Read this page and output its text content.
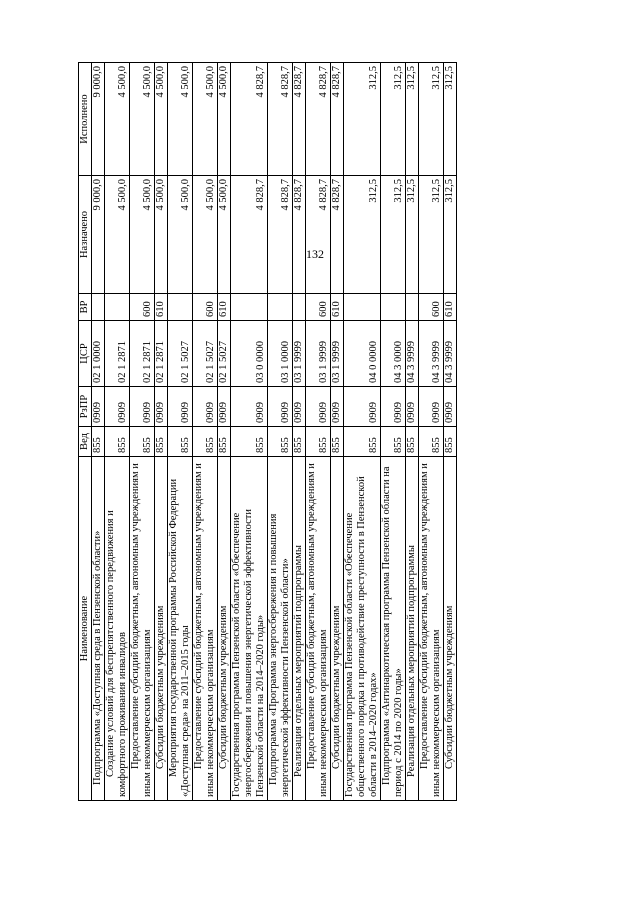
132
Наименование	Вед	РзПР	ЦСР	ВР	Назначено	Исполнено
Подпрограмма «Доступная среда в Пензенской области»	855	0909	02 1 0000		9 000,0	9 000,0
Создание условий для беспрепятственного передвижения и комфортного проживания инвалидов	855	0909	02 1 2871		4 500,0	4 500,0
Предоставление субсидий бюджетным, автономным учреждениям и иным некоммерческим организациям	855	0909	02 1 2871	600	4 500,0	4 500,0
Субсидии бюджетным учреждениям	855	0909	02 1 2871	610	4 500,0	4 500,0
Мероприятия государственной программы Российской Федерации «Доступная среда» на 2011–2015 годы	855	0909	02 1 5027		4 500,0	4 500,0
Предоставление субсидий бюджетным, автономным учреждениям и иным некоммерческим организациям	855	0909	02 1 5027	600	4 500,0	4 500,0
Субсидии бюджетным учреждениям	855	0909	02 1 5027	610	4 500,0	4 500,0
Государственная программа Пензенской области «Обеспечение энергосбережения и повышения энергетической эффективности Пензенской области на 2014–2020 годы»	855	0909	03 0 0000		4 828,7	4 828,7
Подпрограмма «Программа энергосбережения и повышения энергетической эффективности Пензенской области»	855	0909	03 1 0000		4 828,7	4 828,7
Реализация отдельных мероприятий подпрограммы	855	0909	03 1 9999		4 828,7	4 828,7
Предоставление субсидий бюджетным, автономным учреждениям и иным некоммерческим организациям	855	0909	03 1 9999	600	4 828,7	4 828,7
Субсидии бюджетным учреждениям	855	0909	03 1 9999	610	4 828,7	4 828,7
Государственная программа Пензенской области «Обеспечение общественного порядка и противодействие преступности в Пензенской области в 2014–2020 годах»	855	0909	04 0 0000		312,5	312,5
Подпрограмма «Антинаркотическая программа Пензенской области на период с 2014 по 2020 годы»	855	0909	04 3 0000		312,5	312,5
Реализация отдельных мероприятий подпрограммы	855	0909	04 3 9999		312,5	312,5
Предоставление субсидий бюджетным, автономным учреждениям и иным некоммерческим организациям	855	0909	04 3 9999	600	312,5	312,5
Субсидии бюджетным учреждениям	855	0909	04 3 9999	610	312,5	312,5
